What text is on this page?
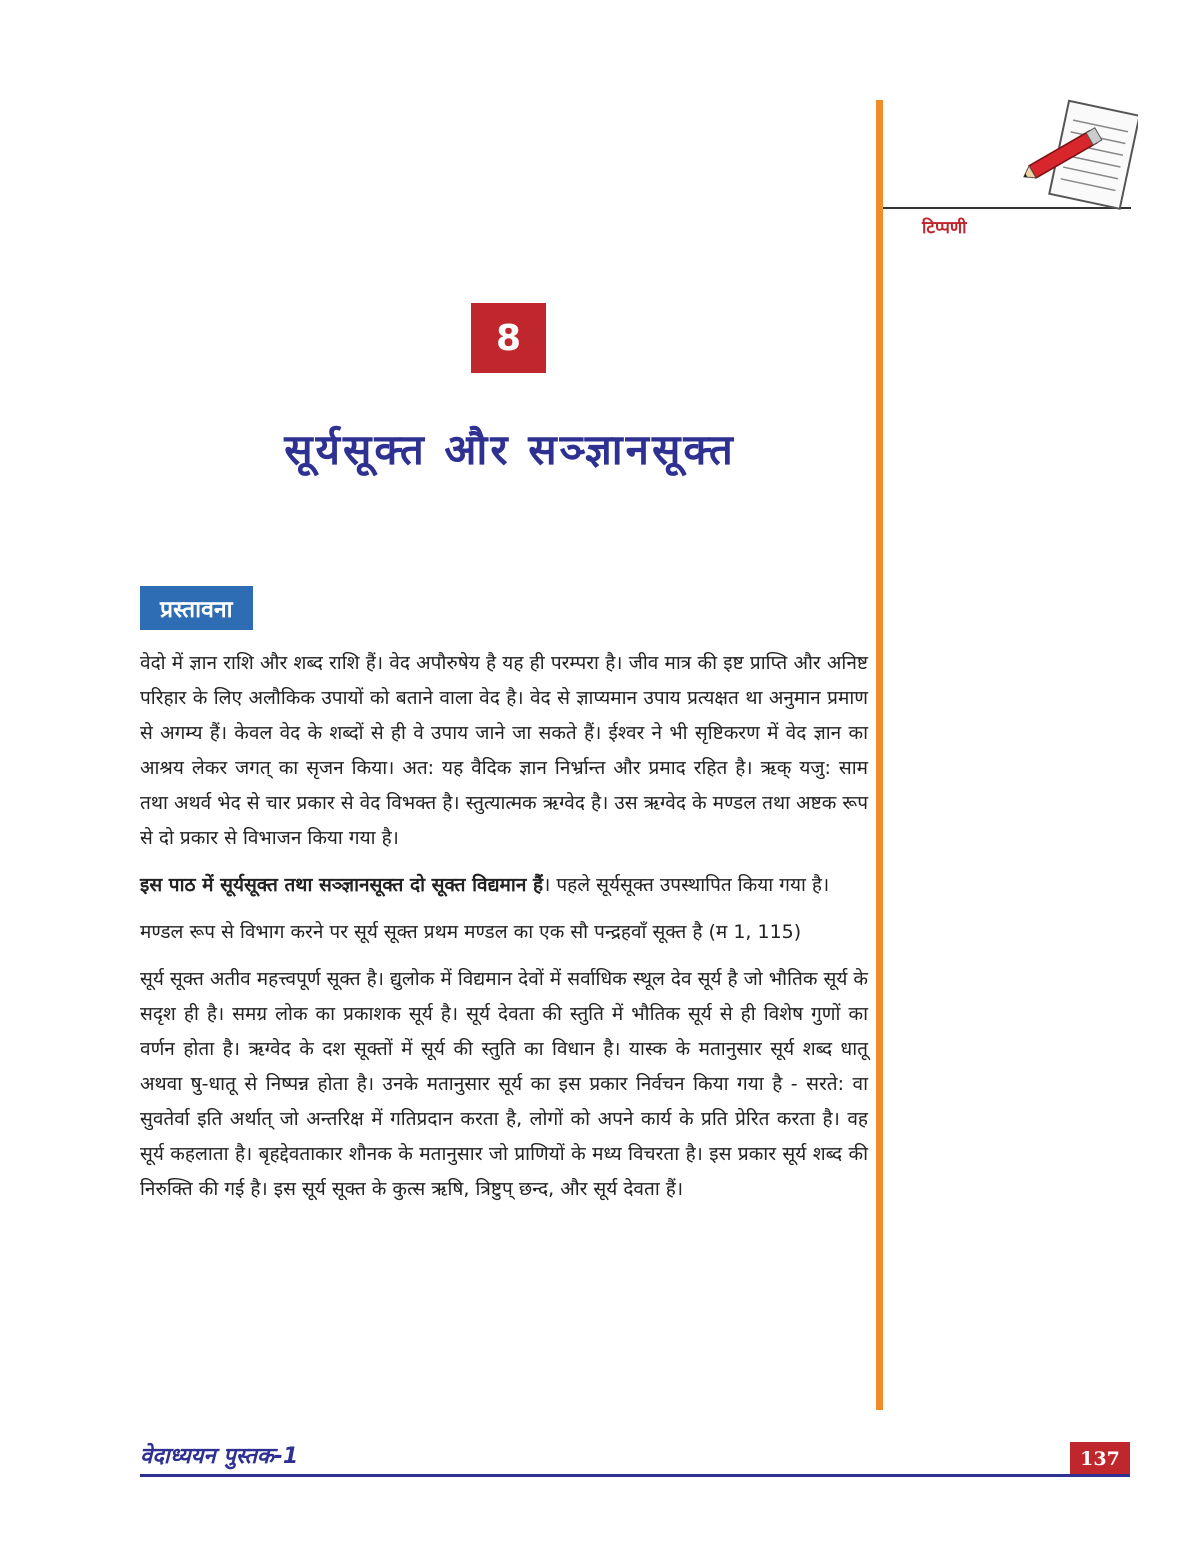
टिप्पणी
8
सूर्यसूक्त और सञ्ज्ञानसूक्त
प्रस्तावना

वेदो में ज्ञान राशि और शब्द राशि हैं। वेद अपौरुषेय है यह ही परम्परा है। जीव मात्र की इष्ट प्राप्ति और अनिष्ट परिहार के लिए अलौकिक उपायों को बताने वाला वेद है। वेद से ज्ञाप्यमान उपाय प्रत्यक्षत था अनुमान प्रमाण से अगम्य हैं। केवल वेद के शब्दों से ही वे उपाय जाने जा सकते हैं। ईश्वर ने भी सृष्टिकरण में वेद ज्ञान का आश्रय लेकर जगत् का सृजन किया। अत: यह वैदिक ज्ञान निर्भ्रान्त और प्रमाद रहित है। ऋक् यजु: साम तथा अथर्व भेद से चार प्रकार से वेद विभक्त है। स्तुत्यात्मक ऋग्वेद है। उस ऋग्वेद के मण्डल तथा अष्टक रूप से दो प्रकार से विभाजन किया गया है।

इस पाठ में सूर्यसूक्त तथा सञ्ज्ञानसूक्त दो सूक्त विद्यमान हैं। पहले सूर्यसूक्त उपस्थापित किया गया है।

मण्डल रूप से विभाग करने पर सूर्य सूक्त प्रथम मण्डल का एक सौ पन्द्रहवाँ सूक्त है (म 1, 115)

सूर्य सूक्त अतीव महत्त्वपूर्ण सूक्त है। द्युलोक में विद्यमान देवों में सर्वाधिक स्थूल देव सूर्य है जो भौतिक सूर्य के सदृश ही है। समग्र लोक का प्रकाशक सूर्य है। सूर्य देवता की स्तुति में भौतिक सूर्य से ही विशेष गुणों का वर्णन होता है। ऋग्वेद के दश सूक्तों में सूर्य की स्तुति का विधान है। यास्क के मतानुसार सूर्य शब्द धातू अथवा षु-धातू से निष्पन्न होता है। उनके मतानुसार सूर्य का इस प्रकार निर्वचन किया गया है - सरते: वा सुवतेर्वा इति अर्थात् जो अन्तरिक्ष में गतिप्रदान करता है, लोगों को अपने कार्य के प्रति प्रेरित करता है। वह सूर्य कहलाता है। बृहद्देवताकार शौनक के मतानुसार जो प्राणियों के मध्य विचरता है। इस प्रकार सूर्य शब्द की निरुक्ति की गई है। इस सूर्य सूक्त के कुत्स ऋषि, त्रिष्टुप् छन्द, और सूर्य देवता हैं।

वेदाध्ययन पुस्तक-1	137
